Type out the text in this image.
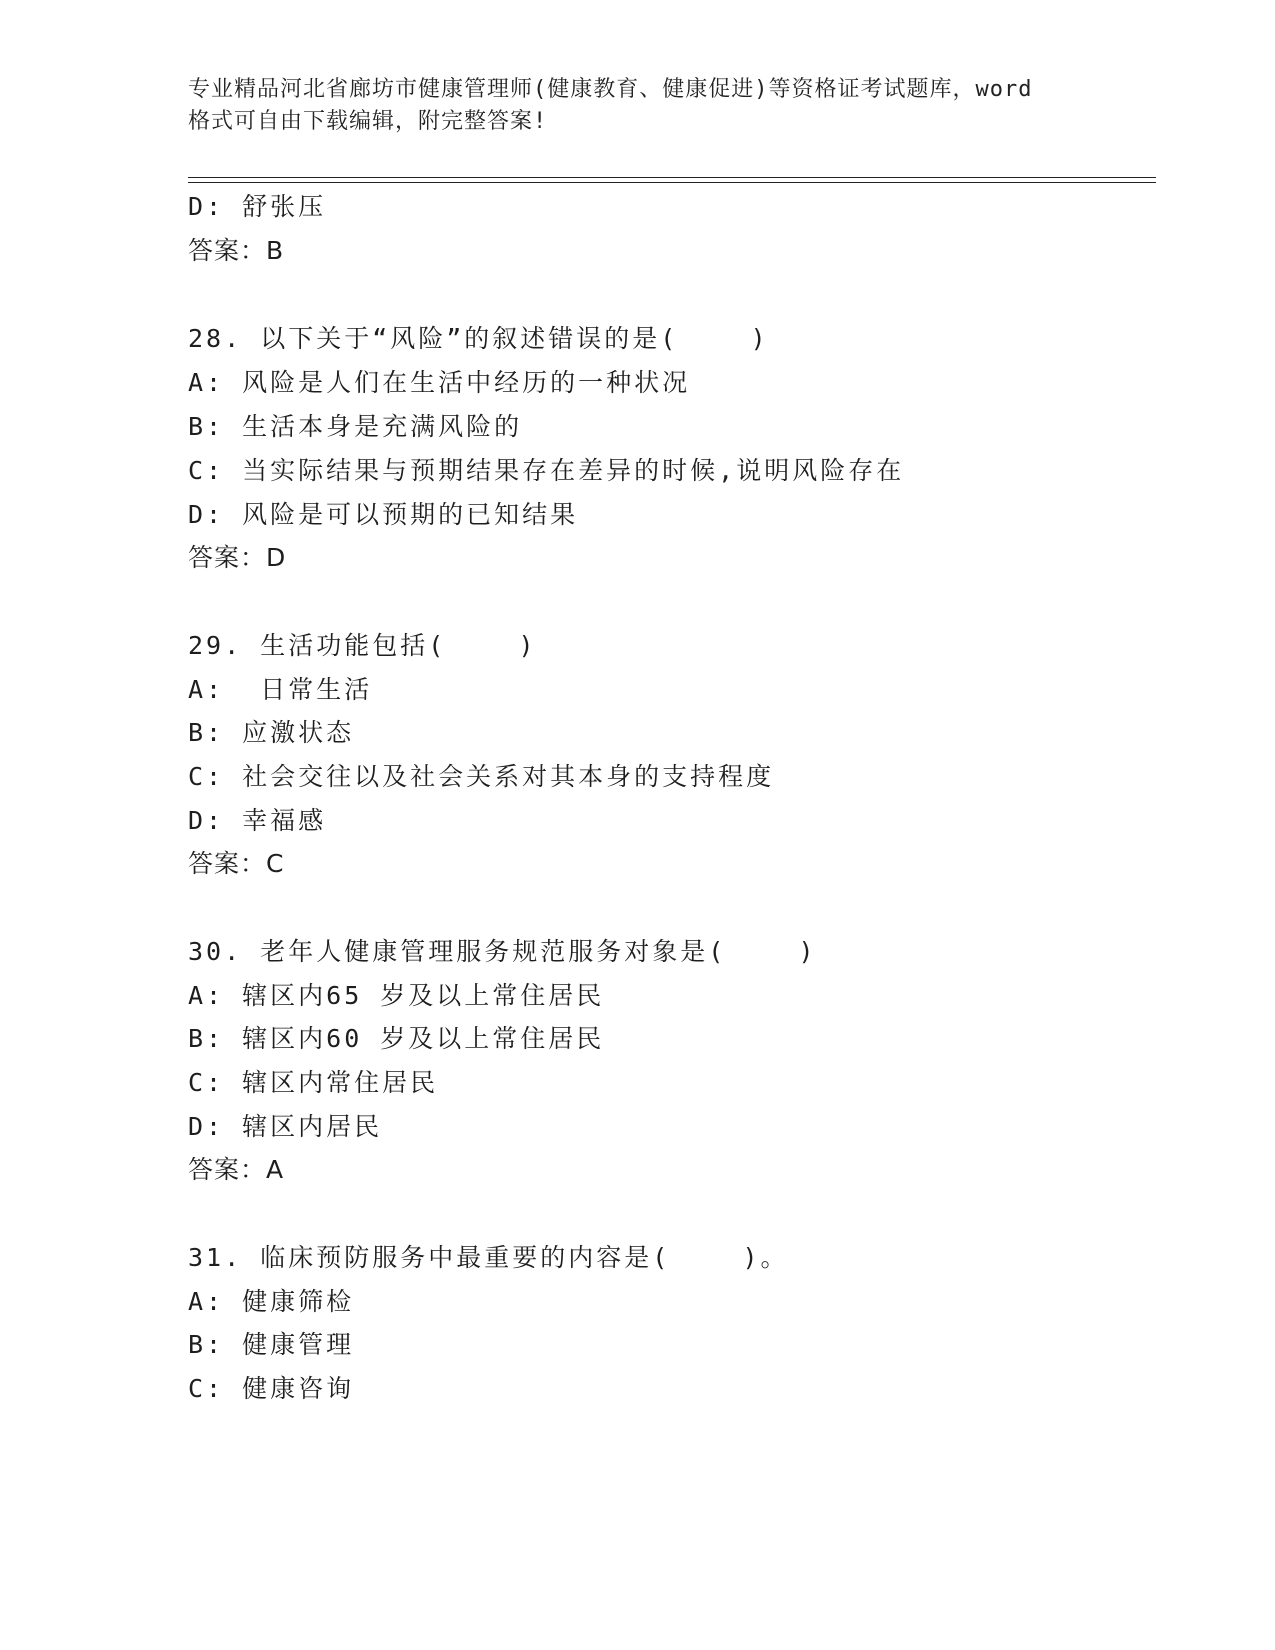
专业精品河北省廊坊市健康管理师(健康教育、健康促进)等资格证考试题库，word
格式可自由下载编辑，附完整答案!
D: 舒张压
答案：B
28. 以下关于“风险”的叙述错误的是(    )
A: 风险是人们在生活中经历的一种状况
B: 生活本身是充满风险的
C: 当实际结果与预期结果存在差异的时候,说明风险存在
D: 风险是可以预期的已知结果
答案：D
29. 生活功能包括(    )
A:  日常生活
B: 应激状态
C: 社会交往以及社会关系对其本身的支持程度
D: 幸福感
答案：C
30. 老年人健康管理服务规范服务对象是(    )
A: 辖区内65 岁及以上常住居民
B: 辖区内60 岁及以上常住居民
C: 辖区内常住居民
D: 辖区内居民
答案：A
31. 临床预防服务中最重要的内容是(    )。
A: 健康筛检
B: 健康管理
C: 健康咨询
